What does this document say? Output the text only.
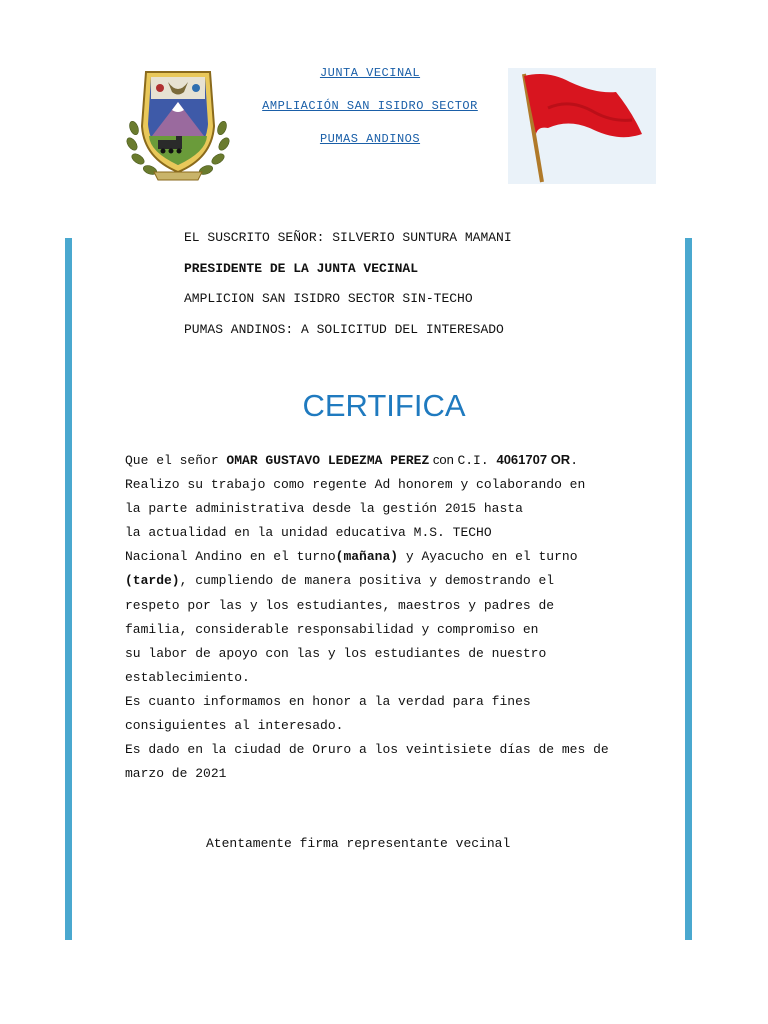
JUNTA VECINAL
AMPLIACIÓN SAN ISIDRO SECTOR
PUMAS ANDINOS
EL SUSCRITO SEÑOR: SILVERIO SUNTURA MAMANI
PRESIDENTE DE LA JUNTA VECINAL
AMPLICION SAN ISIDRO SECTOR SIN-TECHO
PUMAS ANDINOS: A SOLICITUD DEL INTERESADO
CERTIFICA
Que el señor OMAR GUSTAVO LEDEZMA PEREZ con C.I. 4061707 OR.
Realizo su trabajo como regente Ad honorem y colaborando en
la parte administrativa desde la gestión 2015 hasta
la actualidad en la unidad educativa M.S. TECHO
Nacional Andino en el turno(mañana) y Ayacucho en el turno
(tarde), cumpliendo de manera positiva y demostrando el
respeto por las y los estudiantes, maestros y padres de
familia, considerable responsabilidad y compromiso en
su labor de apoyo con las y los estudiantes de nuestro
establecimiento.
Es cuanto informamos en honor a la verdad para fines
consiguientes al interesado.
Es dado en la ciudad de Oruro a los veintisiete días de mes de
marzo de 2021
Atentamente firma representante vecinal
